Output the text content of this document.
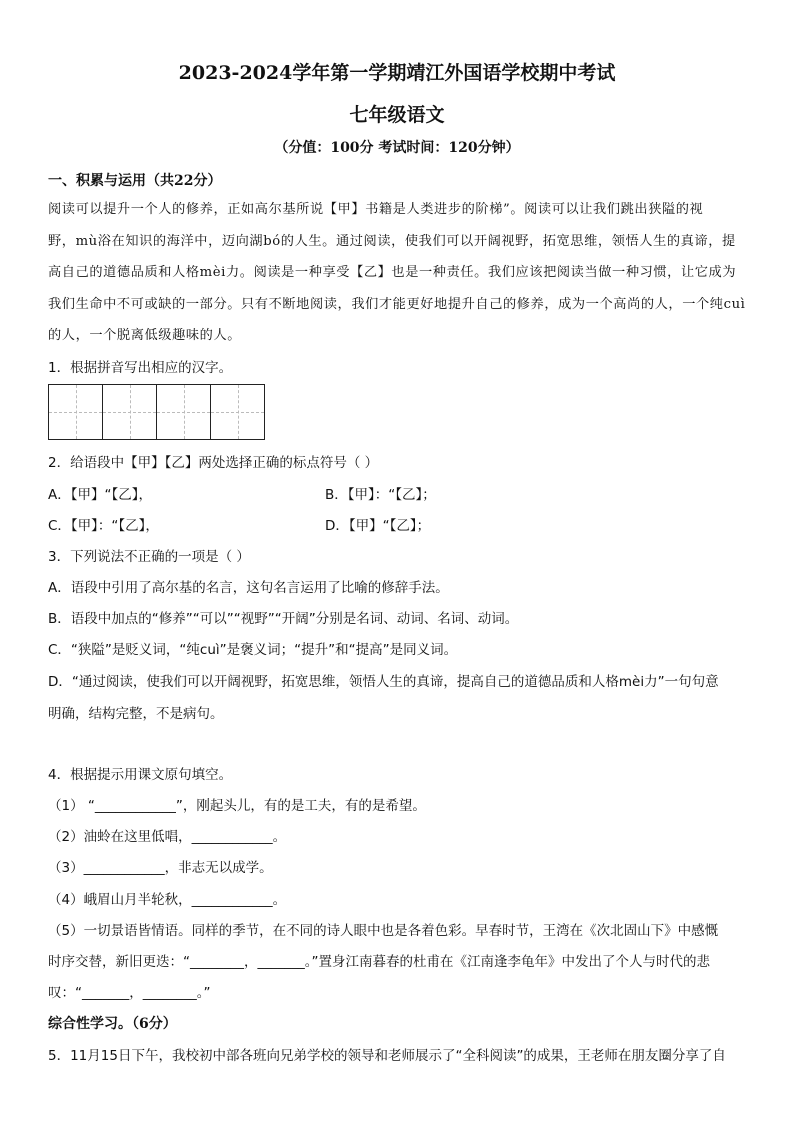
2023-2024学年第一学期靖江外国语学校期中考试
七年级语文
（分值：100分 考试时间：120分钟）
一、积累与运用（共22分）
阅读可以提升一个人的修养，正如高尔基所说【甲】书籍是人类进步的阶梯”。阅读可以让我们跳出狭隘的视
野，mù浴在知识的海洋中，迈向湖bó的人生。通过阅读，使我们可以开阔视野，拓宽思维，领悟人生的真谛，提
高自己的道德品质和人格mèi力。阅读是一种享受【乙】也是一种责任。我们应该把阅读当做一种习惯，让它成为
我们生命中不可或缺的一部分。只有不断地阅读，我们才能更好地提升自己的修养，成为一个高尚的人，一个纯cuì
的人，一个脱离低级趣味的人。
1．根据拼音写出相应的汉字。
2．给语段中【甲】【乙】两处选择正确的标点符号（ ）
A．【甲】“【乙】，	B．【甲】：“【乙】；
C．【甲】：“【乙】，	D．【甲】“【乙】；
3．下列说法不正确的一项是（ ）
A．语段中引用了高尔基的名言，这句名言运用了比喻的修辞手法。
B．语段中加点的“修养”“可以”“视野”“开阔”分别是名词、动词、名词、动词。
C．“狭隘”是贬义词，“纯cuì”是褒义词；“提升”和“提高”是同义词。
D．“通过阅读，使我们可以开阔视野，拓宽思维，领悟人生的真谛，提高自己的道德品质和人格mèi力”一句句意
明确，结构完整，不是病句。
4．根据提示用课文原句填空。
（1） “____________”，刚起头儿，有的是工夫，有的是希望。
（2）油蛉在这里低唱，____________。
（3）____________，非志无以成学。
（4）峨眉山月半轮秋，____________。
（5）一切景语皆情语。同样的季节，在不同的诗人眼中也是各着色彩。早春时节，王湾在《次北固山下》中感慨
时序交替，新旧更迭：“________，_______。”置身江南暮春的杜甫在《江南逢李龟年》中发出了个人与时代的悲
叹：“_______，________。”
综合性学习。（6分）
5．11月15日下午，我校初中部各班向兄弟学校的领导和老师展示了“全科阅读”的成果，王老师在朋友圈分享了自
